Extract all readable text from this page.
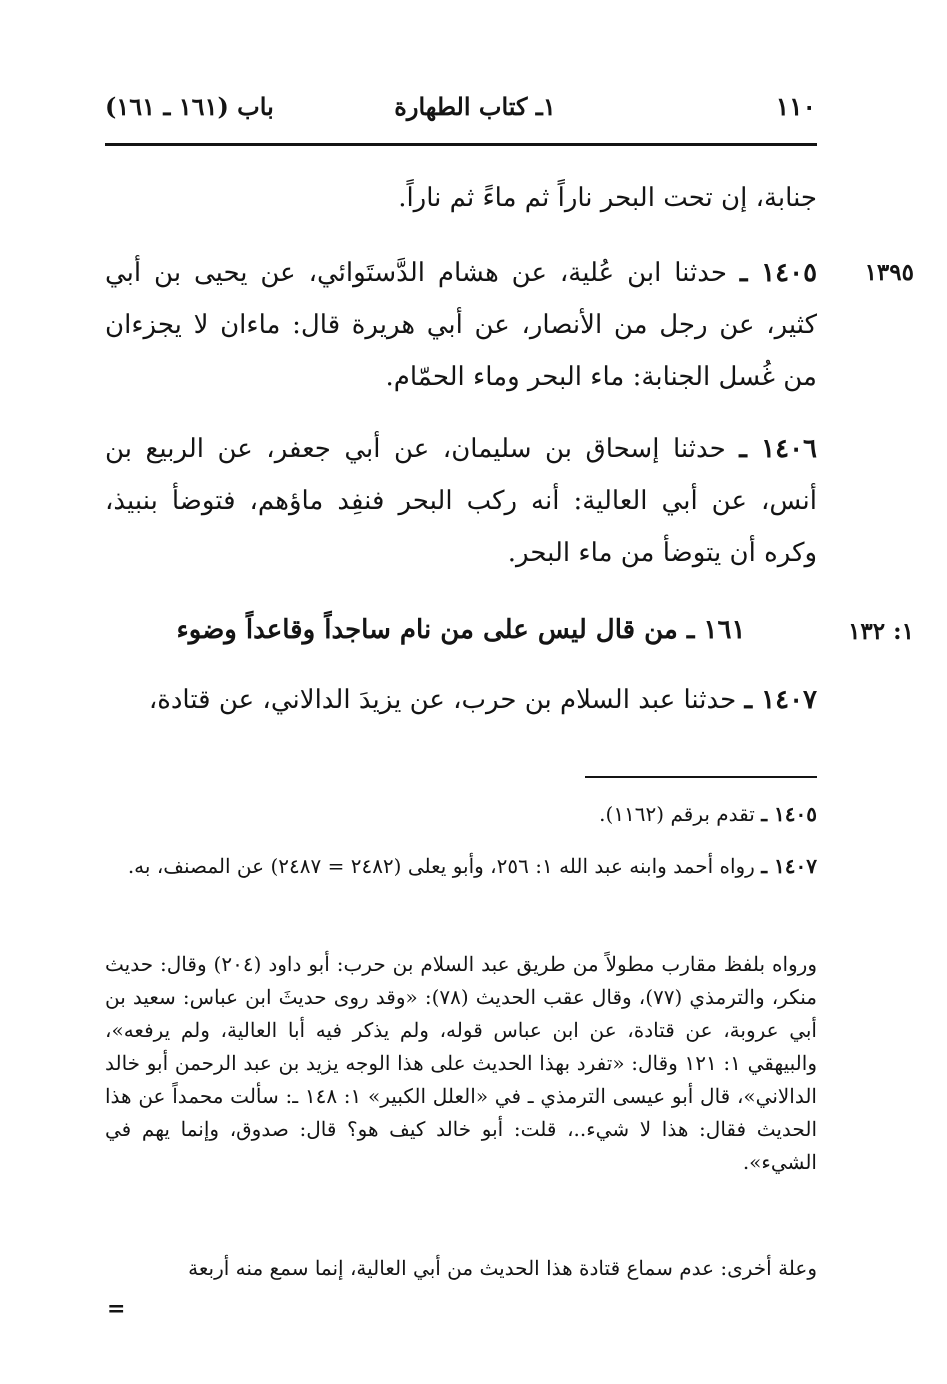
١١٠
١ـ كتاب الطهارة
باب (١٦١ ـ ١٦١)
جنابة، إن تحت البحر ناراً ثم ماءً ثم ناراً.
١٣٩٥
١٤٠٥ ـ حدثنا ابن عُلية، عن هشام الدَّستَوائي، عن يحيى بن أبي كثير، عن رجل من الأنصار، عن أبي هريرة قال: ماءان لا يجزءان من غُسل الجنابة: ماء البحر وماء الحمّام.
١٤٠٦ ـ حدثنا إسحاق بن سليمان، عن أبي جعفر، عن الربيع بن أنس، عن أبي العالية: أنه ركب البحر فنفِد ماؤهم، فتوضأ بنبيذ، وكره أن يتوضأ من ماء البحر.
١: ١٣٢
١٦١ ـ من قال ليس على من نام ساجداً وقاعداً وضوء
١٤٠٧ ـ حدثنا عبد السلام بن حرب، عن يزيدَ الدالاني، عن قتادة،
١٤٠٥ ـ تقدم برقم (١١٦٢).
١٤٠٧ ـ رواه أحمد وابنه عبد الله ١: ٢٥٦، وأبو يعلى (٢٤٨٢ = ٢٤٨٧) عن المصنف، به.
ورواه بلفظ مقارب مطولاً من طريق عبد السلام بن حرب: أبو داود (٢٠٤) وقال: حديث منكر، والترمذي (٧٧)، وقال عقب الحديث (٧٨): «وقد روى حديثَ ابن عباس: سعيد بن أبي عروبة، عن قتادة، عن ابن عباس قوله، ولم يذكر فيه أبا العالية، ولم يرفعه»، والبيهقي ١: ١٢١ وقال: «تفرد بهذا الحديث على هذا الوجه يزيد بن عبد الرحمن أبو خالد الدالاني»، قال أبو عيسى الترمذي ـ في «العلل الكبير» ١: ١٤٨ ـ: سألت محمداً عن هذا الحديث فقال: هذا لا شيء..، قلت: أبو خالد كيف هو؟ قال: صدوق، وإنما يهم في الشيء».
وعلة أخرى: عدم سماع قتادة هذا الحديث من أبي العالية، إنما سمع منه أربعة
=
